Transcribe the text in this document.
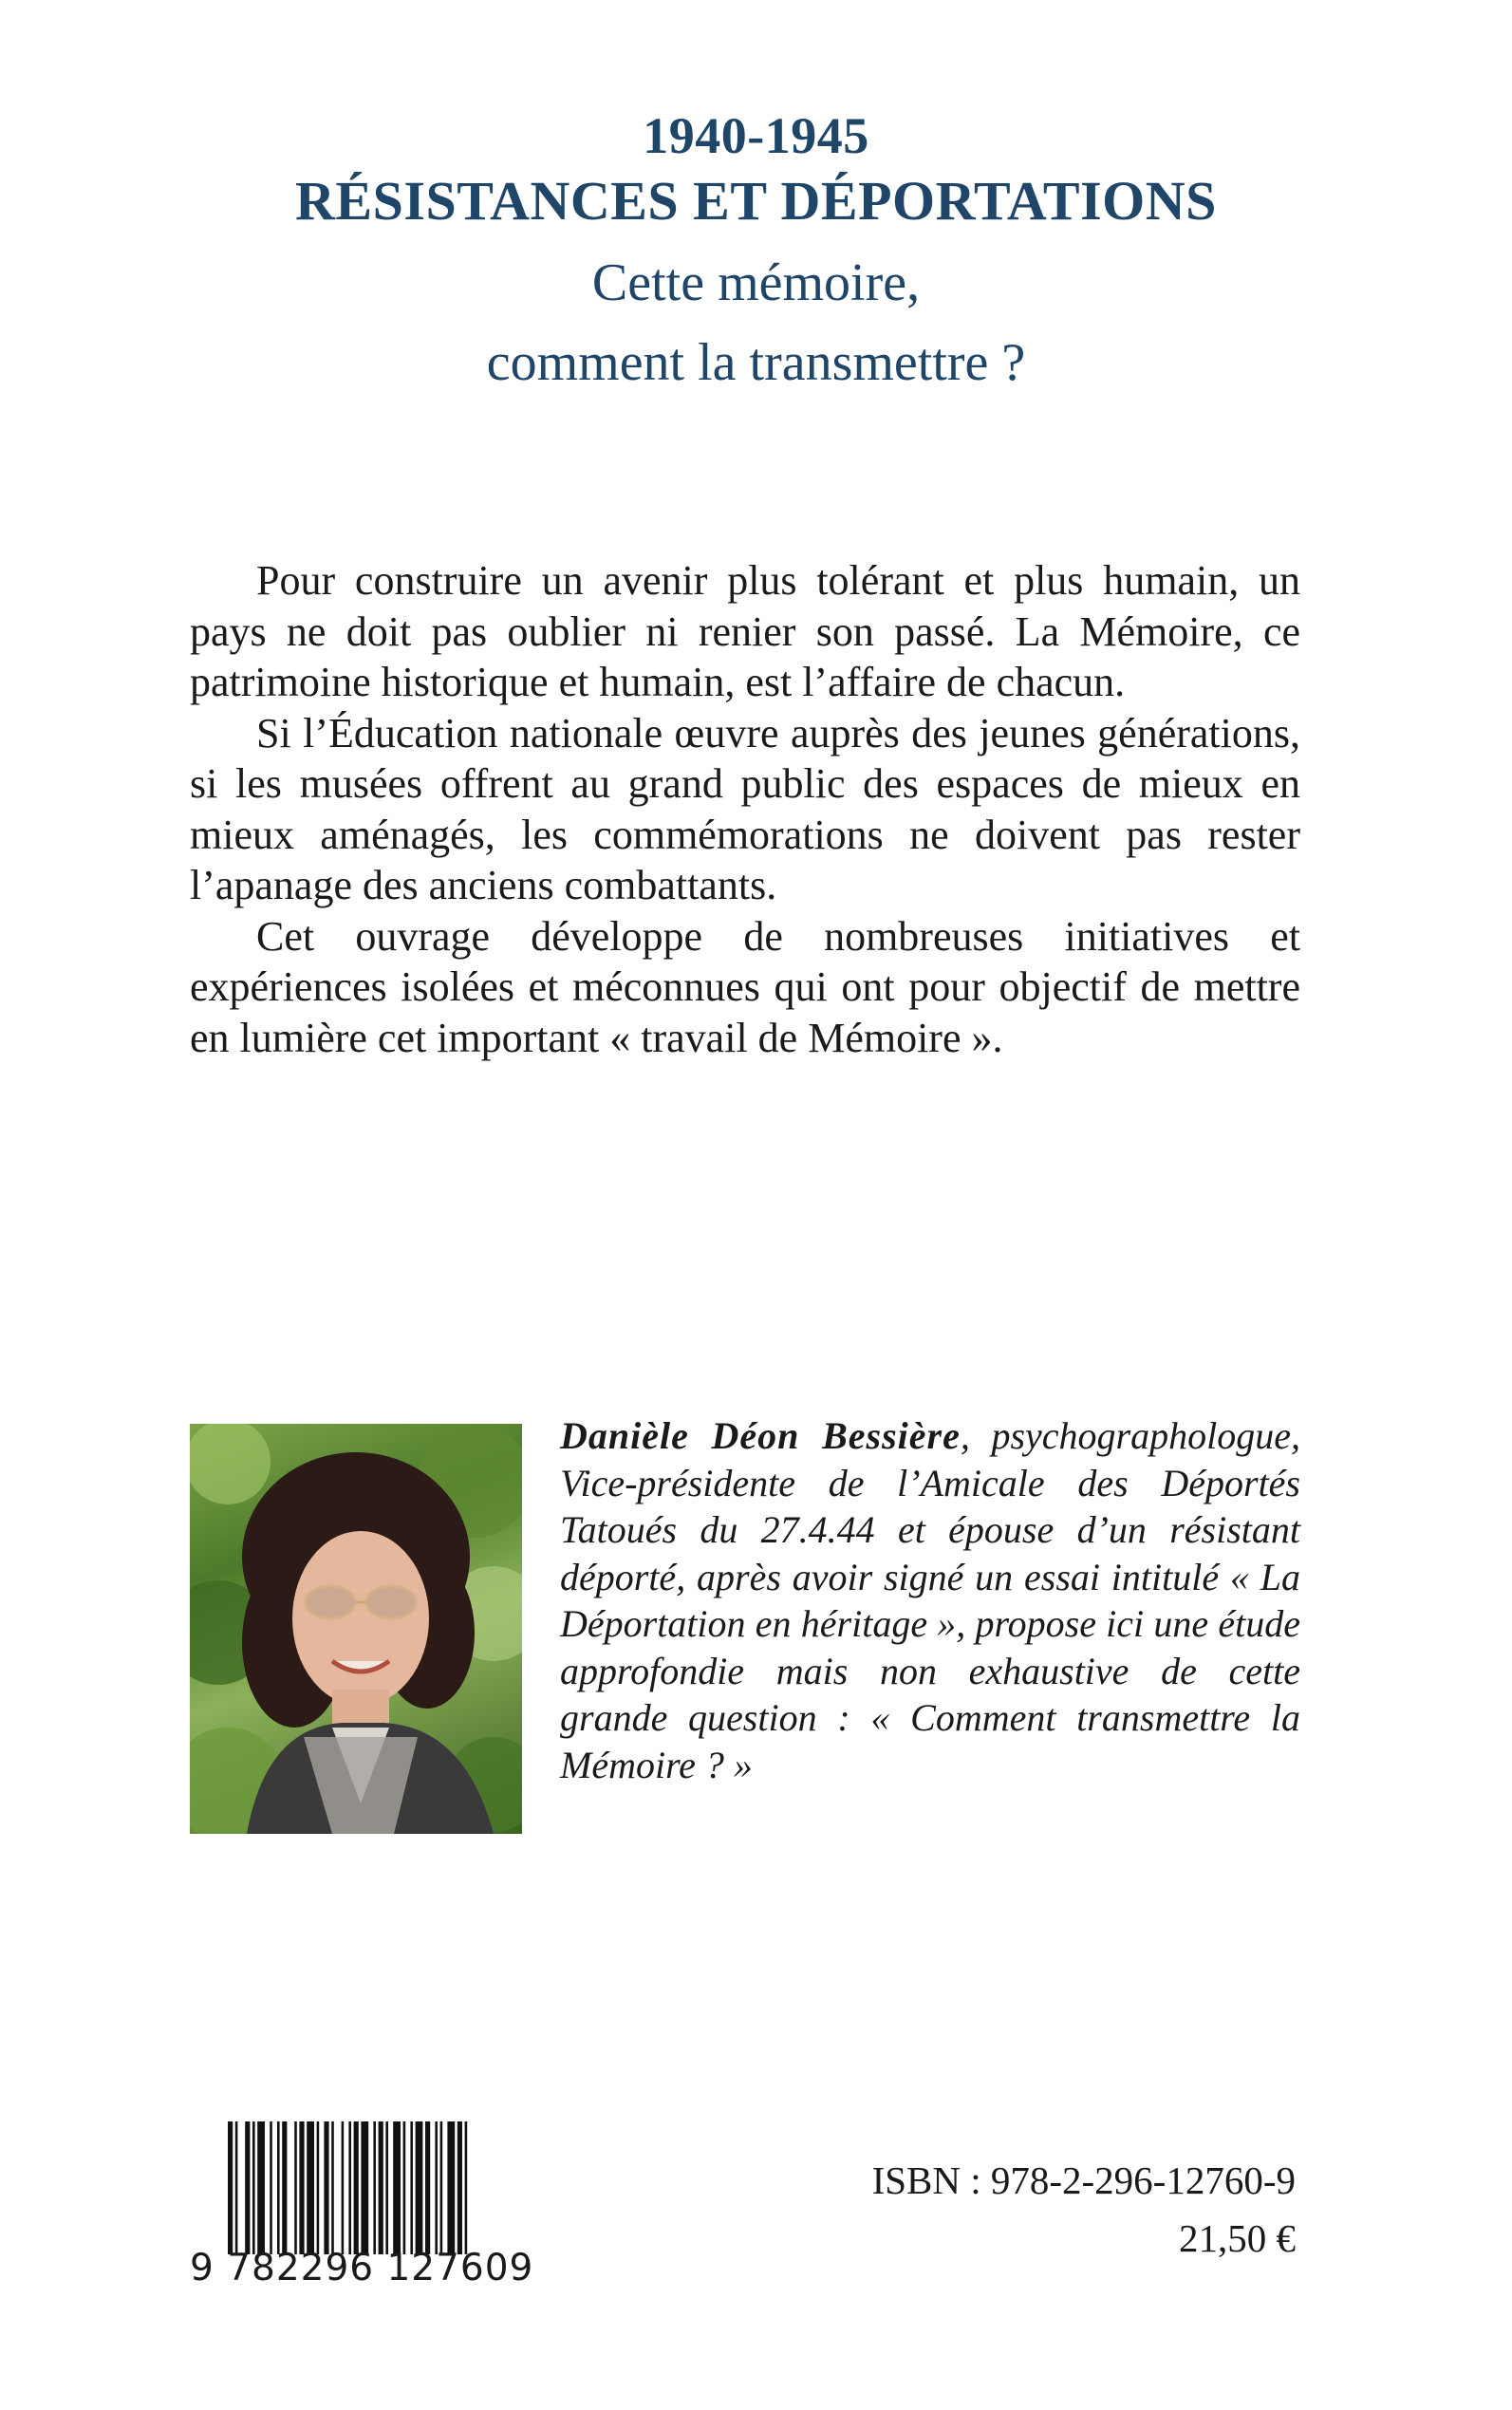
1940-1945
RÉSISTANCES ET DÉPORTATIONS
Cette mémoire,
comment la transmettre ?

Pour construire un avenir plus tolérant et plus humain, un pays ne doit pas oublier ni renier son passé. La Mémoire, ce patrimoine historique et humain, est l’affaire de chacun.

Si l’Éducation nationale œuvre auprès des jeunes générations, si les musées offrent au grand public des espaces de mieux en mieux aménagés, les commémorations ne doivent pas rester l’apanage des anciens combattants.

Cet ouvrage développe de nombreuses initiatives et expériences isolées et méconnues qui ont pour objectif de mettre en lumière cet important « travail de Mémoire ».

Danièle Déon Bessière, psychographologue, Vice-présidente de l’Amicale des Déportés Tatoués du 27.4.44 et épouse d’un résistant déporté, après avoir signé un essai intitulé « La Déportation en héritage », propose ici une étude approfondie mais non exhaustive de cette grande question : « Comment transmettre la Mémoire ? »

9 782296 127609
ISBN : 978-2-296-12760-9
21,50 €
